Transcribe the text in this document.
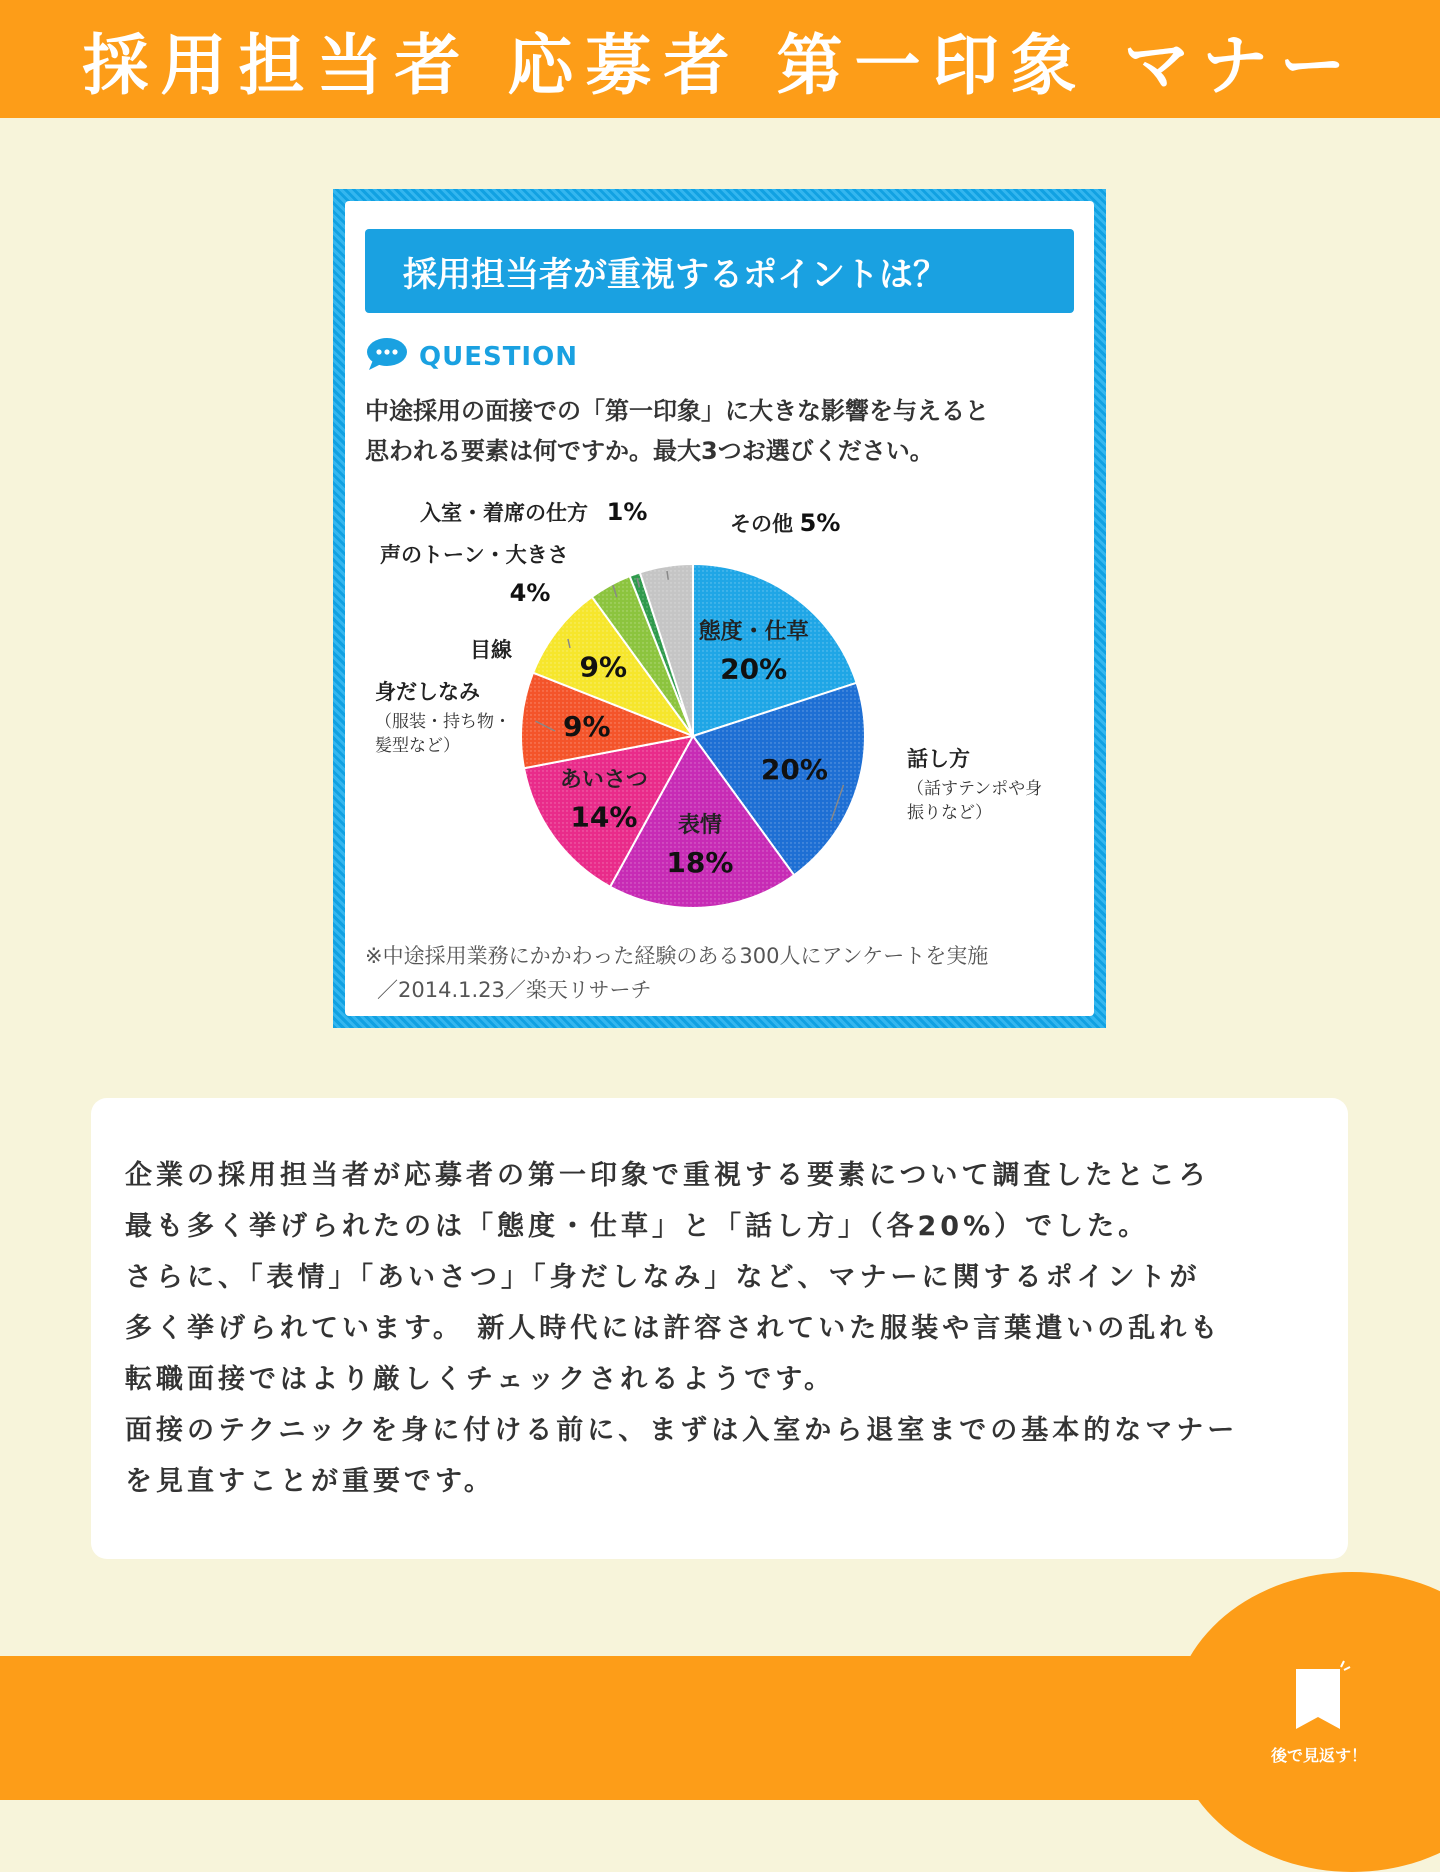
採用担当者 応募者 第一印象 マナー
採用担当者が重視するポイントは？
QUESTION
中途採用の面接での「第一印象」に大きな影響を与えると
思われる要素は何ですか。最大3つお選びください。
態度・仕草
20%
20%	話し方
（話すテンポや身
振りなど）
表情
18%
あいさつ
14%
9%
身だしなみ
（服装・持ち物・
髪型など）
9%
目線
声のトーン・大きさ
4%
入室・着席の仕方 1%	その他 5%
※中途採用業務にかかわった経験のある300人にアンケートを実施
／2014.1.23／楽天リサーチ

企業の採用担当者が応募者の第一印象で重視する要素について調査したところ

最も多く挙げられたのは「態度・仕草」と「話し方」（各20%）でした。

さらに、「表情」「あいさつ」「身だしなみ」など、マナーに関するポイントが

多く挙げられています。 新人時代には許容されていた服装や言葉遣いの乱れも

転職面接ではより厳しくチェックされるようです。

面接のテクニックを身に付ける前に、まずは入室から退室までの基本的なマナー

を見直すことが重要です。

後で見返す！
